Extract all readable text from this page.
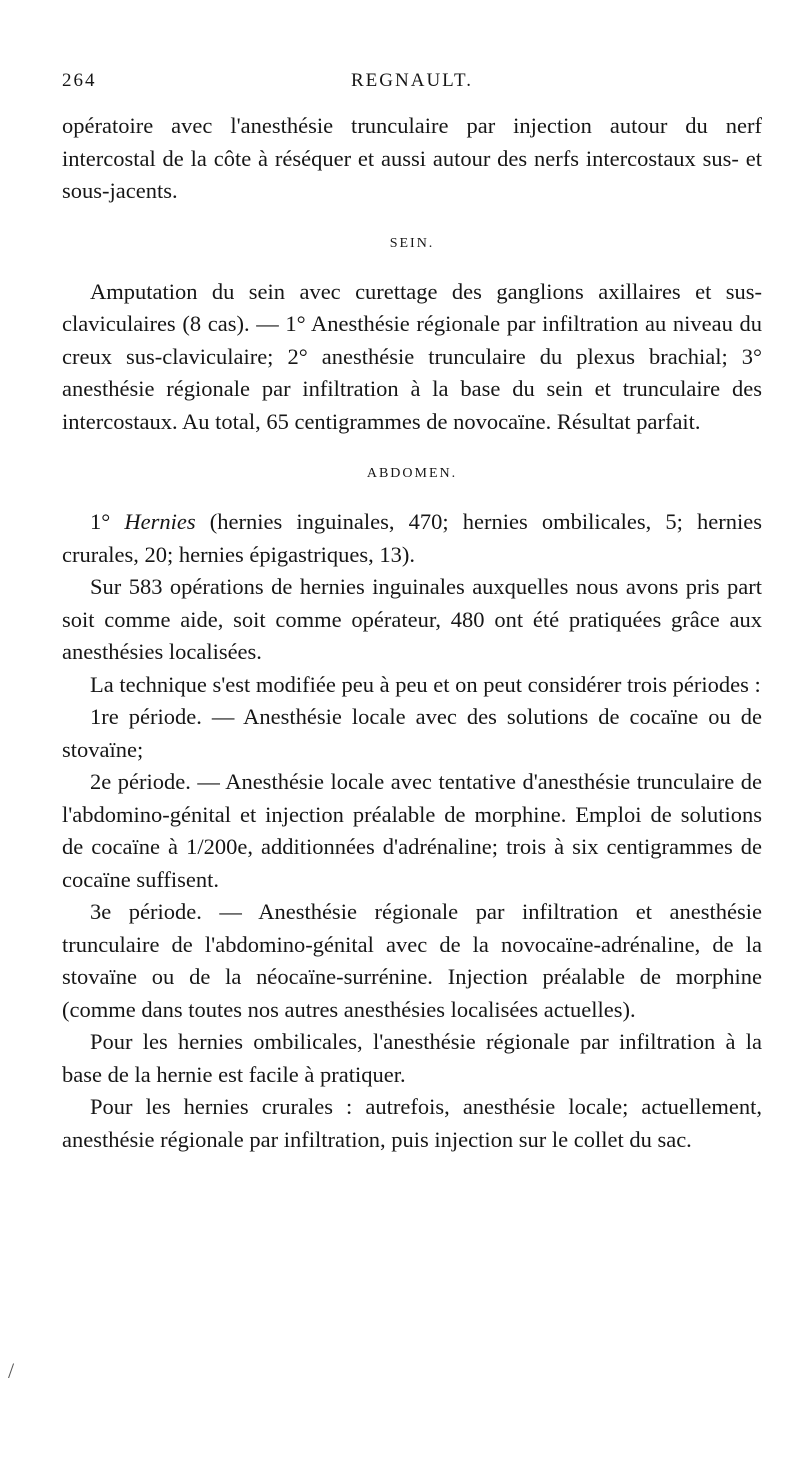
264	REGNAULT.

opératoire avec l'anesthésie trunculaire par injection autour du nerf intercostal de la côte à réséquer et aussi autour des nerfs intercostaux sus- et sous-jacents.

SEIN.

Amputation du sein avec curettage des ganglions axillaires et sus-claviculaires (8 cas). — 1° Anesthésie régionale par infiltration au niveau du creux sus-claviculaire; 2° anesthésie trunculaire du plexus brachial; 3° anesthésie régionale par infiltration à la base du sein et trunculaire des intercostaux. Au total, 65 centigrammes de novocaïne. Résultat parfait.

ABDOMEN.

1° Hernies (hernies inguinales, 470; hernies ombilicales, 5; hernies crurales, 20; hernies épigastriques, 13).

Sur 583 opérations de hernies inguinales auxquelles nous avons pris part soit comme aide, soit comme opérateur, 480 ont été pratiquées grâce aux anesthésies localisées.

La technique s'est modifiée peu à peu et on peut considérer trois périodes :

1re période. — Anesthésie locale avec des solutions de cocaïne ou de stovaïne;

2e période. — Anesthésie locale avec tentative d'anesthésie trunculaire de l'abdomino-génital et injection préalable de morphine. Emploi de solutions de cocaïne à 1/200e, additionnées d'adrénaline; trois à six centigrammes de cocaïne suffisent.

3e période. — Anesthésie régionale par infiltration et anesthésie trunculaire de l'abdomino-génital avec de la novocaïne-adrénaline, de la stovaïne ou de la néocaïne-surrénine. Injection préalable de morphine (comme dans toutes nos autres anesthésies localisées actuelles).

Pour les hernies ombilicales, l'anesthésie régionale par infiltration à la base de la hernie est facile à pratiquer.

Pour les hernies crurales : autrefois, anesthésie locale; actuellement, anesthésie régionale par infiltration, puis injection sur le collet du sac.

/
